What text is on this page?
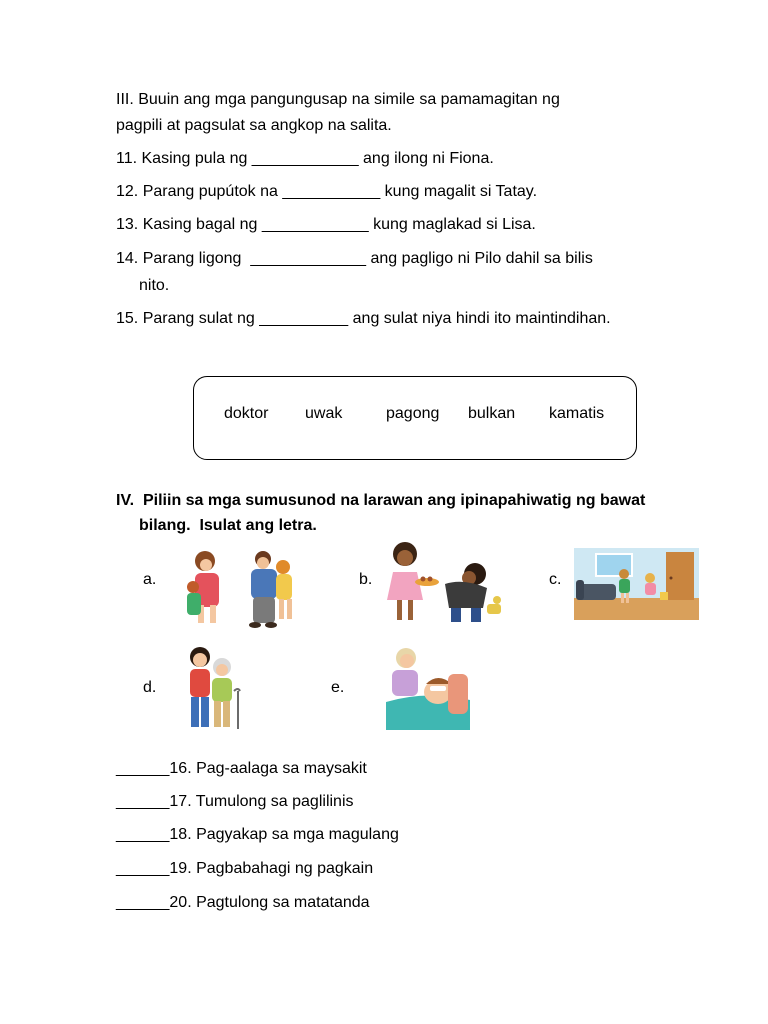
III. Buuin ang mga pangungusap na simile sa pamamagitan ng
pagpili at pagsulat sa angkop na salita.
11. Kasing pula ng ____________ ang ilong ni Fiona.
12. Parang pupútok na ___________ kung magalit si Tatay.
13. Kasing bagal ng ____________ kung maglakad si Lisa.
14. Parang ligong  _____________ ang pagligo ni Pilo dahil sa bilis
nito.
15. Parang sulat ng __________ ang sulat niya hindi ito maintindihan.
doktor uwak	pagong bulkan kamatis
IV.  Piliin sa mga sumusunod na larawan ang ipinapahiwatig ng bawat
bilang.  Isulat ang letra.
a.	b.	c.
d.	e.
______16. Pag-aalaga sa maysakit
______17. Tumulong sa paglilinis
______18. Pagyakap sa mga magulang
______19. Pagbabahagi ng pagkain
______20. Pagtulong sa matatanda
